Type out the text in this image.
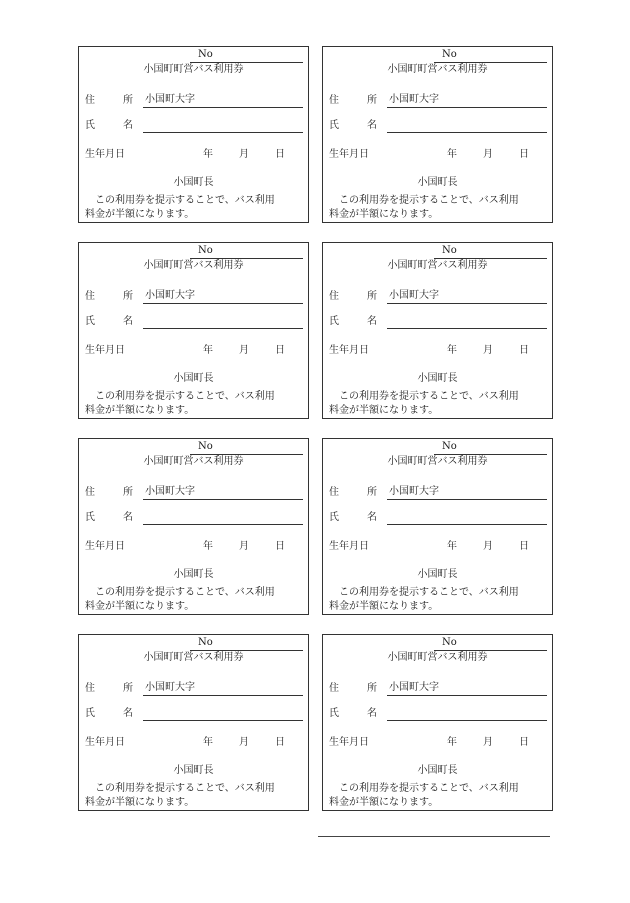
No
小国町町営バス利用券
住	所 小国町大字
氏	名
生年月日	年	月	日
小国町長
　この利用券を提示することで、バス利用
料金が半額になります。
No
小国町町営バス利用券
住	所 小国町大字
氏	名
生年月日	年	月	日
小国町長
　この利用券を提示することで、バス利用
料金が半額になります。
No
小国町町営バス利用券
住	所 小国町大字
氏	名
生年月日	年	月	日
小国町長
　この利用券を提示することで、バス利用
料金が半額になります。
No
小国町町営バス利用券
住	所 小国町大字
氏	名
生年月日	年	月	日
小国町長
　この利用券を提示することで、バス利用
料金が半額になります。
No
小国町町営バス利用券
住	所 小国町大字
氏	名
生年月日	年	月	日
小国町長
　この利用券を提示することで、バス利用
料金が半額になります。
No
小国町町営バス利用券
住	所 小国町大字
氏	名
生年月日	年	月	日
小国町長
　この利用券を提示することで、バス利用
料金が半額になります。
No
小国町町営バス利用券
住	所 小国町大字
氏	名
生年月日	年	月	日
小国町長
　この利用券を提示することで、バス利用
料金が半額になります。
No
小国町町営バス利用券
住	所 小国町大字
氏	名
生年月日	年	月	日
小国町長
　この利用券を提示することで、バス利用
料金が半額になります。
